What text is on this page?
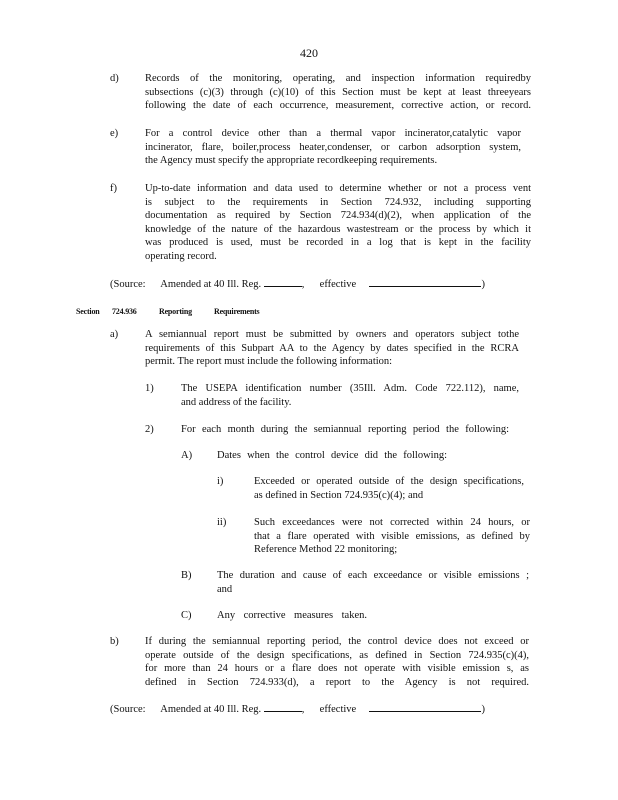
420
d)	Records of the monitoring, operating, and inspection information requiredby
subsections (c)(3) through (c)(10) of this Section must be kept at least threeyears
following the date of each occurrence, measurement, corrective action, or record.
e)	For a control device other than a thermal vapor incinerator,catalytic vapor
incinerator, flare, boiler,process heater,condenser, or carbon adsorption system,
the Agency must specify the appropriate recordkeeping requirements.
f)	Up-to-date information and data used to determine whether or not a process vent
is subject to the requirements in Section 724.932, including supporting
documentation as required by Section 724.934(d)(2), when application of the
knowledge of the nature of the hazardous wastestream or the process by which it
was produced is used, must be recorded in a log that is kept in the facility
operating record.
(Source: Amended at 40 Ill. Reg.	, effective	)
Section 724.936	Reporting	Requirements
a)	A semiannual report must be submitted by owners and operators subject tothe
requirements of this Subpart AA to the Agency by dates specified in the RCRA
permit. The report must include the following information:
1)	The USEPA identification number (35Ill. Adm. Code 722.112), name,
and address of the facility.
2)	For each month during the semiannual reporting period the following:
A) Dates when the control device did the following:
i)	Exceeded or operated outside of the design specifications,
as defined in Section 724.935(c)(4); and
ii)	Such exceedances were not corrected within 24 hours, or
that a flare operated with visible emissions, as defined by
Reference Method 22 monitoring;
B) The duration and cause of each exceedance or visible emissions ;
and
C) Any corrective measures taken.
b)	If during the semiannual reporting period, the control device does not exceed or
operate outside of the design specifications, as defined in Section 724.935(c)(4),
for more than 24 hours or a flare does not operate with visible emission s, as
defined in Section 724.933(d), a report to the Agency is not required.
(Source: Amended at 40 Ill. Reg.	, effective	)
